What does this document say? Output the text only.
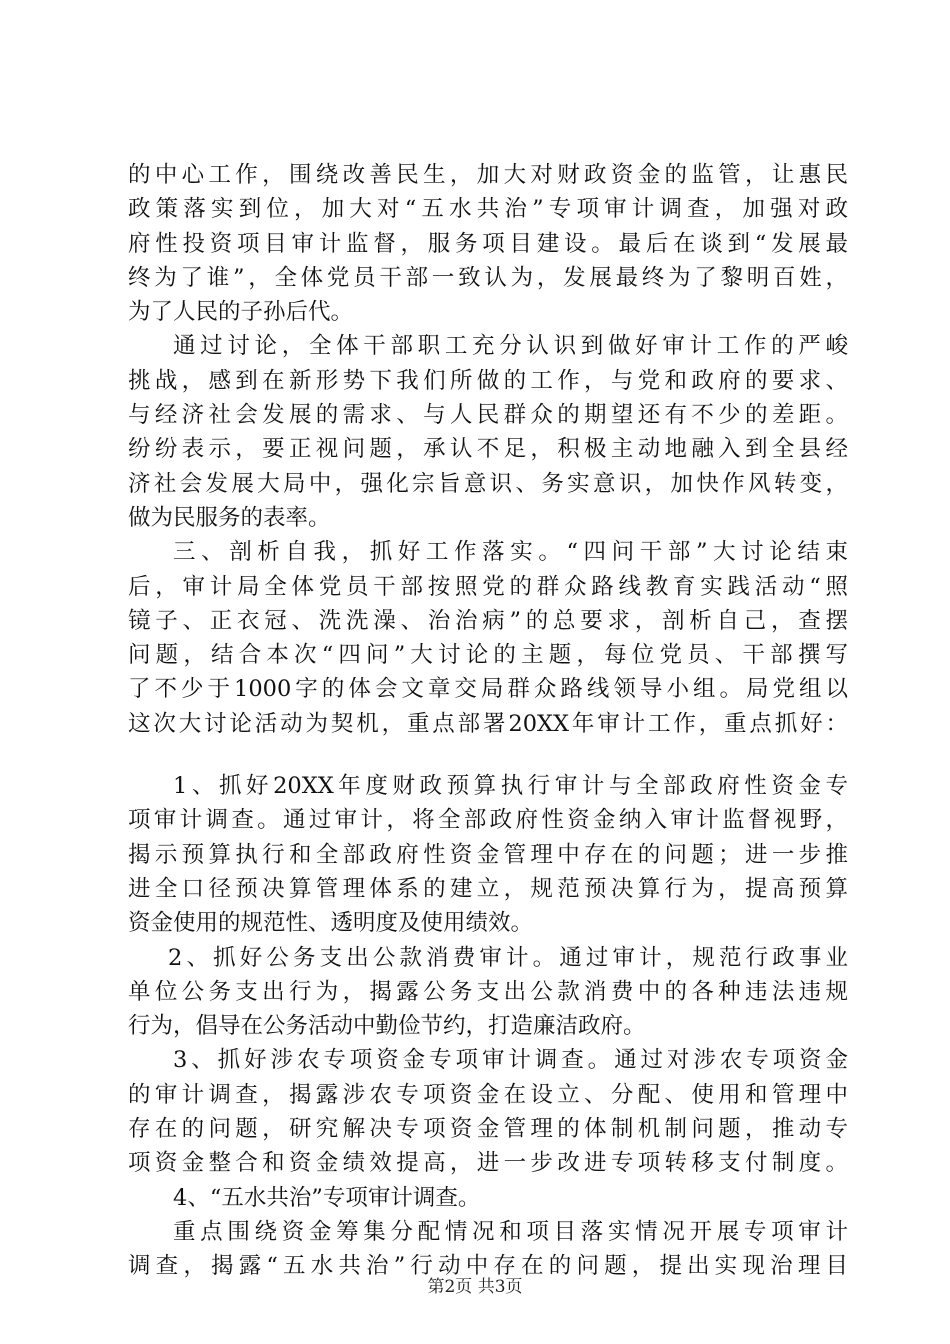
的中心工作，围绕改善民生，加大对财政资金的监管，让惠民
政策落实到位，加大对“五水共治”专项审计调查，加强对政
府性投资项目审计监督，服务项目建设。最后在谈到“发展最
终为了谁”，全体党员干部一致认为，发展最终为了黎明百姓，
为了人民的子孙后代。
通过讨论，全体干部职工充分认识到做好审计工作的严峻
挑战，感到在新形势下我们所做的工作，与党和政府的要求、
与经济社会发展的需求、与人民群众的期望还有不少的差距。
纷纷表示，要正视问题，承认不足，积极主动地融入到全县经
济社会发展大局中，强化宗旨意识、务实意识，加快作风转变，
做为民服务的表率。
三、剖析自我，抓好工作落实。“四问干部”大讨论结束
后，审计局全体党员干部按照党的群众路线教育实践活动“照
镜子、正衣冠、洗洗澡、治治病”的总要求，剖析自己，查摆
问题，结合本次“四问”大讨论的主题，每位党员、干部撰写
了不少于1000字的体会文章交局群众路线领导小组。局党组以
这次大讨论活动为契机，重点部署20XX年审计工作，重点抓好：
1、抓好20XX年度财政预算执行审计与全部政府性资金专
项审计调查。通过审计，将全部政府性资金纳入审计监督视野，
揭示预算执行和全部政府性资金管理中存在的问题；进一步推
进全口径预决算管理体系的建立，规范预决算行为，提高预算
资金使用的规范性、透明度及使用绩效。
2、抓好公务支出公款消费审计。通过审计，规范行政事业
单位公务支出行为，揭露公务支出公款消费中的各种违法违规
行为，倡导在公务活动中勤俭节约，打造廉洁政府。
3、抓好涉农专项资金专项审计调查。通过对涉农专项资金
的审计调查，揭露涉农专项资金在设立、分配、使用和管理中
存在的问题，研究解决专项资金管理的体制机制问题，推动专
项资金整合和资金绩效提高，进一步改进专项转移支付制度。
4、“五水共治”专项审计调查。
重点围绕资金筹集分配情况和项目落实情况开展专项审计
调查，揭露“五水共治”行动中存在的问题，提出实现治理目
第2页 共3页
